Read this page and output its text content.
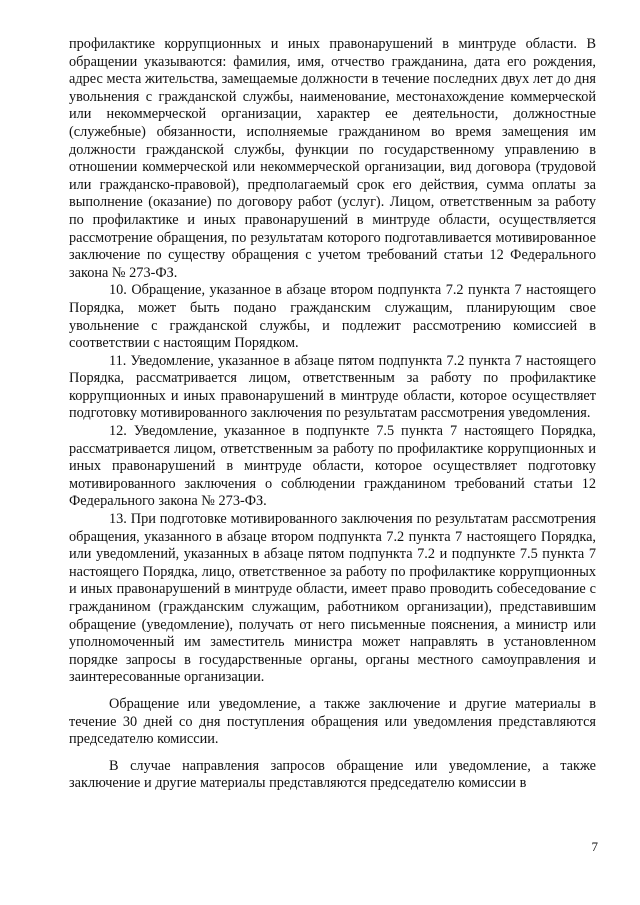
профилактике коррупционных и иных правонарушений в минтруде области. В обращении указываются: фамилия, имя, отчество гражданина, дата его рождения, адрес места жительства, замещаемые должности в течение последних двух лет до дня увольнения с гражданской службы, наименование, местонахождение коммерческой или некоммерческой организации, характер ее деятельности, должностные (служебные) обязанности, исполняемые гражданином во время замещения им должности гражданской службы, функции по государственному управлению в отношении коммерческой или некоммерческой организации, вид договора (трудовой или гражданско-правовой), предполагаемый срок его действия, сумма оплаты за выполнение (оказание) по договору работ (услуг). Лицом, ответственным за работу по профилактике и иных правонарушений в минтруде области, осуществляется рассмотрение обращения, по результатам которого подготавливается мотивированное заключение по существу обращения с учетом требований статьи 12 Федерального закона № 273-ФЗ.

10. Обращение, указанное в абзаце втором подпункта 7.2 пункта 7 настоящего Порядка, может быть подано гражданским служащим, планирующим свое увольнение с гражданской службы, и подлежит рассмотрению комиссией в соответствии с настоящим Порядком.

11. Уведомление, указанное в абзаце пятом подпункта 7.2 пункта 7 настоящего Порядка, рассматривается лицом, ответственным за работу по профилактике коррупционных и иных правонарушений в минтруде области, которое осуществляет подготовку мотивированного заключения по результатам рассмотрения уведомления.

12. Уведомление, указанное в подпункте 7.5 пункта 7 настоящего Порядка, рассматривается лицом, ответственным за работу по профилактике коррупционных и иных правонарушений в минтруде области, которое осуществляет подготовку мотивированного заключения о соблюдении гражданином требований статьи 12 Федерального закона № 273-ФЗ.

13. При подготовке мотивированного заключения по результатам рассмотрения обращения, указанного в абзаце втором подпункта 7.2 пункта 7 настоящего Порядка, или уведомлений, указанных в абзаце пятом подпункта 7.2 и подпункте 7.5 пункта 7 настоящего Порядка, лицо, ответственное за работу по профилактике коррупционных и иных правонарушений в минтруде области, имеет право проводить собеседование с гражданином (гражданским служащим, работником организации), представившим обращение (уведомление), получать от него письменные пояснения, а министр или уполномоченный им заместитель министра может направлять в установленном порядке запросы в государственные органы, органы местного самоуправления и заинтересованные организации.

Обращение или уведомление, а также заключение и другие материалы в течение 30 дней со дня поступления обращения или уведомления представляются председателю комиссии.

В случае направления запросов обращение или уведомление, а также заключение и другие материалы представляются председателю комиссии в

7
